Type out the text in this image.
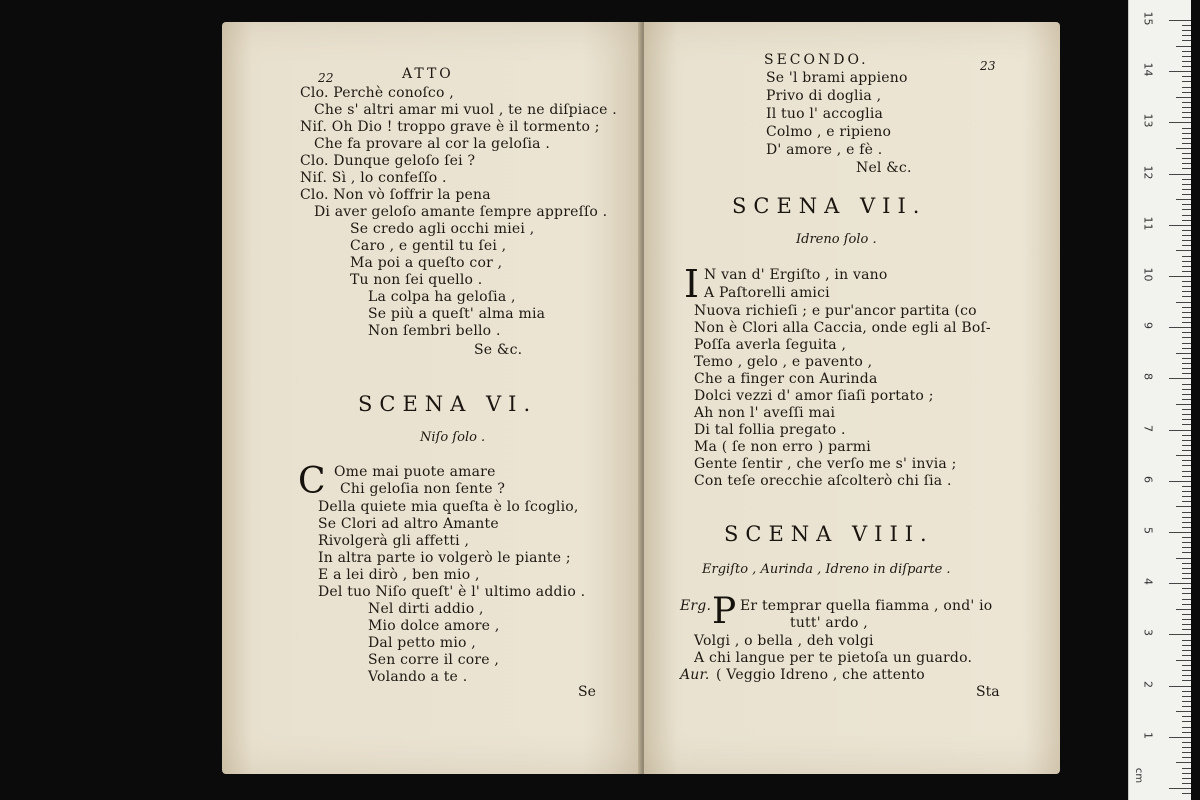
22	ATTO
Clo. Perchè conoſco ,
Che s' altri amar mi vuol , te ne diſpiace .
Niſ. Oh Dio ! troppo grave è il tormento ;
Che fa provare al cor la geloſia .
Clo. Dunque geloſo ſei ?
Niſ. Sì , lo confeſſo .
Clo. Non vò ſoffrir la pena
Di aver geloſo amante ſempre appreſſo .
Se credo agli occhi miei ,
Caro , e gentil tu ſei ,
Ma poi a queſto cor ,
Tu non ſei quello .
La colpa ha geloſia ,
Se più a queſt' alma mia
Non ſembri bello .
Se &c.
SCENA VI.
Niſo ſolo .
C Ome mai puote amare
Chi geloſia non ſente ?
Della quiete mia queſta è lo ſcoglio,
Se Clori ad altro Amante
Rivolgerà gli affetti ,
In altra parte io volgerò le piante ;
E a lei dirò , ben mio ,
Del tuo Niſo queſt' è l' ultimo addio .
Nel dirti addio ,
Mio dolce amore ,
Dal petto mio ,
Sen corre il core ,
Volando a te .
Se
SECONDO.	23
Se 'l brami appieno
Privo di doglia ,
Il tuo l' accoglia
Colmo , e ripieno
D' amore , e fè .
Nel &c.
SCENA VII.
Idreno ſolo .
I N van d' Ergiſto , in vano
A Paſtorelli amici
Nuova richieſi ; e pur'ancor partita (co
Non è Clori alla Caccia, onde egli al Boſ-
Poſſa averla ſeguita ,
Temo , gelo , e pavento ,
Che a finger con Aurinda
Dolci vezzi d' amor ſiaſi portato ;
Ah non l' aveſſi mai
Di tal follia pregato .
Ma ( ſe non erro ) parmi
Gente ſentir , che verſo me s' invia ;
Con teſe orecchie aſcolterò chi ſia .
SCENA VIII.
Ergiſto , Aurinda , Idreno in diſparte .
Erg. P Er temprar quella fiamma , ond' io
tutt' ardo ,
Volgi , o bella , deh volgi
A chi langue per te pietoſa un guardo.
Aur. ( Veggio Idreno , che attento
Sta
15
14
13
12
11
10
9
8
7
6
5
4
3
2
1
cm
